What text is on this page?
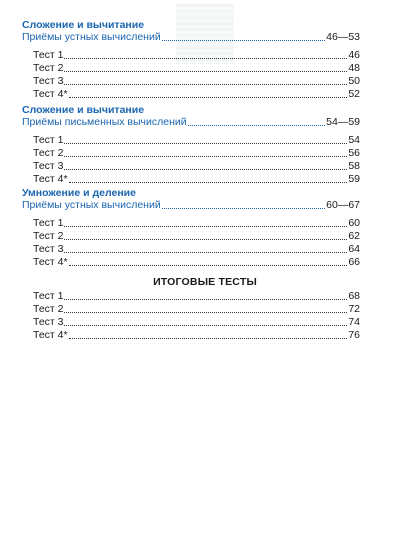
Сложение и вычитание
Приёмы устных вычислений	46—53
Тест 1	46
Тест 2	48
Тест 3	50
Тест 4*	52
Сложение и вычитание
Приёмы письменных вычислений	54—59
Тест 1	54
Тест 2	56
Тест 3	58
Тест 4*	59
Умножение и деление
Приёмы устных вычислений	60—67
Тест 1	60
Тест 2	62
Тест 3	64
Тест 4*	66
ИТОГОВЫЕ ТЕСТЫ
Тест 1	68
Тест 2	72
Тест 3	74
Тест 4*	76
